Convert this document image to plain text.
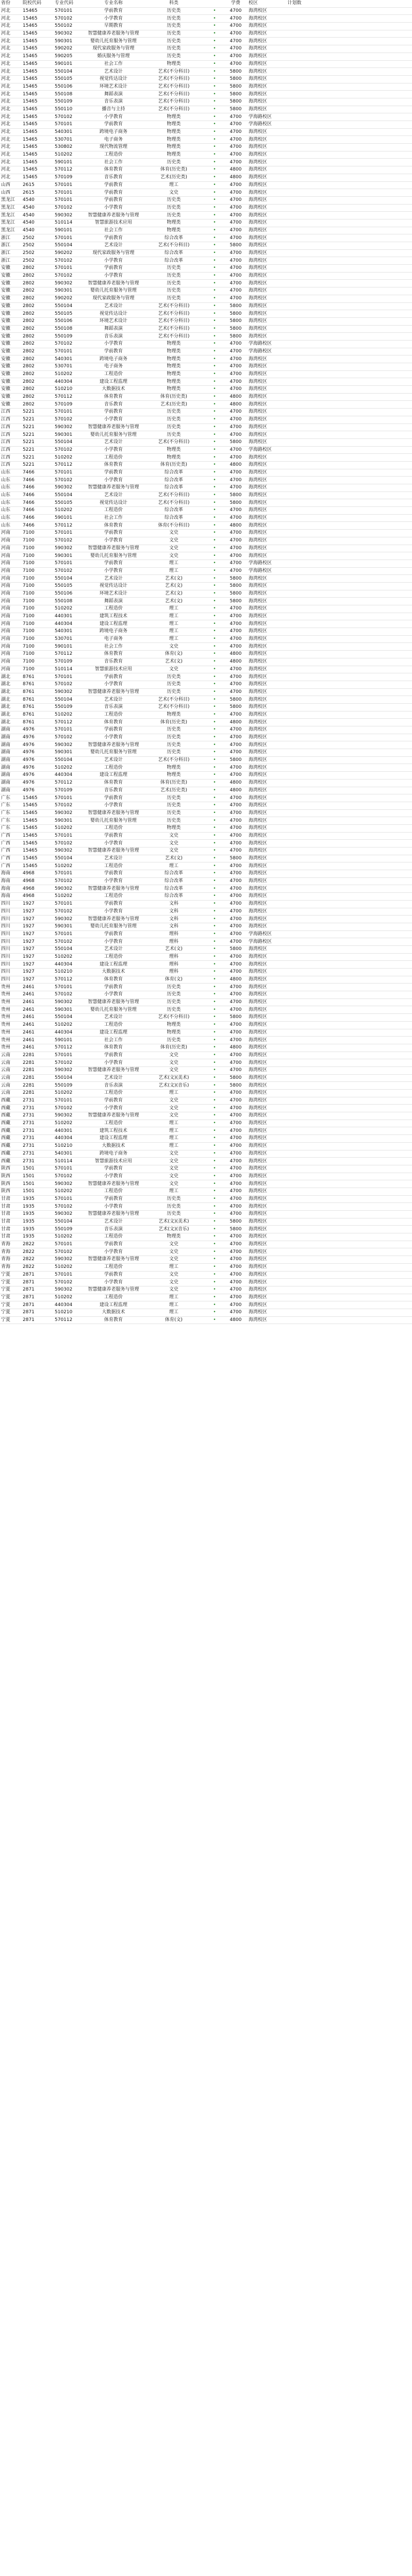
省份	院校代码	专业代码	专业名称	科类		学费	校区	计划数	
河北	15465	570101	学前教育	历史类	•	4700	海湾校区		
河北	15465	570102	小学教育	历史类	•	4700	海湾校区		
河北	15465	550102	早期教育	历史类	•	4700	海湾校区		
河北	15465	590302	智慧健康养老服务与管理	历史类	•	4700	海湾校区		
河北	15465	590301	婴幼儿托育服务与管理	历史类	•	4700	海湾校区		
河北	15465	590202	现代家政服务与管理	历史类	•	4700	海湾校区		
河北	15465	590205	婚庆服务与管理	历史类	•	4700	海湾校区		
河北	15465	590101	社会工作	物理类	•	4700	海湾校区		
河北	15465	550104	艺术设计	艺术(不分科目)	•	5800	海湾校区		
河北	15465	550105	视觉传达设计	艺术(不分科目)	•	5800	海湾校区		
河北	15465	550106	环境艺术设计	艺术(不分科目)	•	5800	海湾校区		
河北	15465	550108	舞蹈表演	艺术(不分科目)	•	5800	海湾校区		
河北	15465	550109	音乐表演	艺术(不分科目)	•	5800	海湾校区		
河北	15465	550110	播音与主持	艺术(不分科目)	•	5800	海湾校区		
河北	15465	570102	小学教育	物理类	•	4700	学海路校区		
河北	15465	570101	学前教育	物理类	•	4700	学海路校区		
河北	15465	540301	跨境电子商务	物理类	•	4700	海湾校区		
河北	15465	530701	电子商务	物理类	•	4700	海湾校区		
河北	15465	530802	现代物流管理	物理类	•	4700	海湾校区		
河北	15465	510202	工程造价	物理类	•	4700	海湾校区		
河北	15465	590101	社会工作	历史类	•	4700	海湾校区		
河北	15465	570112	体育教育	体育(历史类)	•	4800	海湾校区		
河北	15465	570109	音乐教育	艺术(历史类)	•	4800	海湾校区		
山西	2615	570101	学前教育	理工	•	4700	海湾校区		
山西	2615	570101	学前教育	文史	•	4700	海湾校区		
黑龙江	4540	570101	学前教育	历史类	•	4700	海湾校区		
黑龙江	4540	570102	小学教育	历史类	•	4700	海湾校区		
黑龙江	4540	590302	智慧健康养老服务与管理	历史类	•	4700	海湾校区		
黑龙江	4540	510114	智慧旅游技术应用	物理类	•	4700	海湾校区		
黑龙江	4540	590101	社会工作	物理类	•	4700	海湾校区		
浙江	2502	570101	学前教育	综合改革	•	4700	海湾校区		
浙江	2502	550104	艺术设计	艺术(不分科目)	•	5800	海湾校区		
浙江	2502	590202	现代家政服务与管理	综合改革	•	4700	海湾校区		
浙江	2502	570102	小学教育	综合改革	•	4700	海湾校区		
安徽	2802	570101	学前教育	历史类	•	4700	海湾校区		
安徽	2802	570102	小学教育	历史类	•	4700	海湾校区		
安徽	2802	590302	智慧健康养老服务与管理	历史类	•	4700	海湾校区		
安徽	2802	590301	婴幼儿托育服务与管理	历史类	•	4700	海湾校区		
安徽	2802	590202	现代家政服务与管理	历史类	•	4700	海湾校区		
安徽	2802	550104	艺术设计	艺术(不分科目)	•	5800	海湾校区		
安徽	2802	550105	视觉传达设计	艺术(不分科目)	•	5800	海湾校区		
安徽	2802	550106	环境艺术设计	艺术(不分科目)	•	5800	海湾校区		
安徽	2802	550108	舞蹈表演	艺术(不分科目)	•	5800	海湾校区		
安徽	2802	550109	音乐表演	艺术(不分科目)	•	5800	海湾校区		
安徽	2802	570102	小学教育	物理类	•	4700	学海路校区		
安徽	2802	570101	学前教育	物理类	•	4700	学海路校区		
安徽	2802	540301	跨境电子商务	物理类	•	4700	海湾校区		
安徽	2802	530701	电子商务	物理类	•	4700	海湾校区		
安徽	2802	510202	工程造价	物理类	•	4700	海湾校区		
安徽	2802	440304	建设工程监理	物理类	•	4700	海湾校区		
安徽	2802	510210	大数据技术	物理类	•	4700	海湾校区		
安徽	2802	570112	体育教育	体育(历史类)	•	4800	海湾校区		
安徽	2802	570109	音乐教育	艺术(历史类)	•	4800	海湾校区		
江西	5221	570101	学前教育	历史类	•	4700	海湾校区		
江西	5221	570102	小学教育	历史类	•	4700	海湾校区		
江西	5221	590302	智慧健康养老服务与管理	历史类	•	4700	海湾校区		
江西	5221	590301	婴幼儿托育服务与管理	历史类	•	4700	海湾校区		
江西	5221	550104	艺术设计	艺术(不分科目)	•	5800	海湾校区		
江西	5221	570102	小学教育	物理类	•	4700	学海路校区		
江西	5221	510202	工程造价	物理类	•	4700	海湾校区		
江西	5221	570112	体育教育	体育(历史类)	•	4800	海湾校区		
山东	7466	570101	学前教育	综合改革	•	4700	海湾校区		
山东	7466	570102	小学教育	综合改革	•	4700	海湾校区		
山东	7466	590302	智慧健康养老服务与管理	综合改革	•	4700	海湾校区		
山东	7466	550104	艺术设计	艺术(不分科目)	•	5800	海湾校区		
山东	7466	550105	视觉传达设计	艺术(不分科目)	•	5800	海湾校区		
山东	7466	510202	工程造价	综合改革	•	4700	海湾校区		
山东	7466	590101	社会工作	综合改革	•	4700	海湾校区		
山东	7466	570112	体育教育	体育(不分科目)	•	4800	海湾校区		
河南	7100	570101	学前教育	文史	•	4700	海湾校区		
河南	7100	570102	小学教育	文史	•	4700	海湾校区		
河南	7100	590302	智慧健康养老服务与管理	文史	•	4700	海湾校区		
河南	7100	590301	婴幼儿托育服务与管理	文史	•	4700	海湾校区		
河南	7100	570101	学前教育	理工	•	4700	学海路校区		
河南	7100	570102	小学教育	理工	•	4700	学海路校区		
河南	7100	550104	艺术设计	艺术(文)	•	5800	海湾校区		
河南	7100	550105	视觉传达设计	艺术(文)	•	5800	海湾校区		
河南	7100	550106	环境艺术设计	艺术(文)	•	5800	海湾校区		
河南	7100	550108	舞蹈表演	艺术(文)	•	5800	海湾校区		
河南	7100	510202	工程造价	理工	•	4700	海湾校区		
河南	7100	440301	建筑工程技术	理工	•	4700	海湾校区		
河南	7100	440304	建设工程监理	理工	•	4700	海湾校区		
河南	7100	540301	跨境电子商务	理工	•	4700	海湾校区		
河南	7100	530701	电子商务	理工	•	4700	海湾校区		
河南	7100	590101	社会工作	文史	•	4700	海湾校区		
河南	7100	570112	体育教育	体育(文)	•	4800	海湾校区		
河南	7100	570109	音乐教育	艺术(文)	•	4800	海湾校区		
河南	7100	510114	智慧旅游技术应用	文史	•	4700	海湾校区		
湖北	8761	570101	学前教育	历史类	•	4700	海湾校区		
湖北	8761	570102	小学教育	历史类	•	4700	海湾校区		
湖北	8761	590302	智慧健康养老服务与管理	历史类	•	4700	海湾校区		
湖北	8761	550104	艺术设计	艺术(不分科目)	•	5800	海湾校区		
湖北	8761	550109	音乐表演	艺术(不分科目)	•	5800	海湾校区		
湖北	8761	510202	工程造价	物理类	•	4700	海湾校区		
湖北	8761	570112	体育教育	体育(历史类)	•	4800	海湾校区		
湖南	4976	570101	学前教育	历史类	•	4700	海湾校区		
湖南	4976	570102	小学教育	历史类	•	4700	海湾校区		
湖南	4976	590302	智慧健康养老服务与管理	历史类	•	4700	海湾校区		
湖南	4976	590301	婴幼儿托育服务与管理	历史类	•	4700	海湾校区		
湖南	4976	550104	艺术设计	艺术(不分科目)	•	5800	海湾校区		
湖南	4976	510202	工程造价	物理类	•	4700	海湾校区		
湖南	4976	440304	建设工程监理	物理类	•	4700	海湾校区		
湖南	4976	570112	体育教育	体育(历史类)	•	4800	海湾校区		
湖南	4976	570109	音乐教育	艺术(历史类)	•	4800	海湾校区		
广东	15465	570101	学前教育	历史类	•	4700	海湾校区		
广东	15465	570102	小学教育	历史类	•	4700	海湾校区		
广东	15465	590302	智慧健康养老服务与管理	历史类	•	4700	海湾校区		
广东	15465	590301	婴幼儿托育服务与管理	历史类	•	4700	海湾校区		
广东	15465	510202	工程造价	物理类	•	4700	海湾校区		
广西	15465	570101	学前教育	文史	•	4700	海湾校区		
广西	15465	570102	小学教育	文史	•	4700	海湾校区		
广西	15465	590302	智慧健康养老服务与管理	文史	•	4700	海湾校区		
广西	15465	550104	艺术设计	艺术(文)	•	5800	海湾校区		
广西	15465	510202	工程造价	理工	•	4700	海湾校区		
海南	4968	570101	学前教育	综合改革	•	4700	海湾校区		
海南	4968	570102	小学教育	综合改革	•	4700	海湾校区		
海南	4968	590302	智慧健康养老服务与管理	综合改革	•	4700	海湾校区		
海南	4968	510202	工程造价	综合改革	•	4700	海湾校区		
四川	1927	570101	学前教育	文科	•	4700	海湾校区		
四川	1927	570102	小学教育	文科	•	4700	海湾校区		
四川	1927	590302	智慧健康养老服务与管理	文科	•	4700	海湾校区		
四川	1927	590301	婴幼儿托育服务与管理	文科	•	4700	海湾校区		
四川	1927	570101	学前教育	理科	•	4700	学海路校区		
四川	1927	570102	小学教育	理科	•	4700	学海路校区		
四川	1927	550104	艺术设计	艺术(文)	•	5800	海湾校区		
四川	1927	510202	工程造价	理科	•	4700	海湾校区		
四川	1927	440304	建设工程监理	理科	•	4700	海湾校区		
四川	1927	510210	大数据技术	理科	•	4700	海湾校区		
四川	1927	570112	体育教育	体育(文)	•	4800	海湾校区		
贵州	2461	570101	学前教育	历史类	•	4700	海湾校区		
贵州	2461	570102	小学教育	历史类	•	4700	海湾校区		
贵州	2461	590302	智慧健康养老服务与管理	历史类	•	4700	海湾校区		
贵州	2461	590301	婴幼儿托育服务与管理	历史类	•	4700	海湾校区		
贵州	2461	550104	艺术设计	艺术(不分科目)	•	5800	海湾校区		
贵州	2461	510202	工程造价	物理类	•	4700	海湾校区		
贵州	2461	440304	建设工程监理	物理类	•	4700	海湾校区		
贵州	2461	590101	社会工作	历史类	•	4700	海湾校区		
贵州	2461	570112	体育教育	体育(历史类)	•	4800	海湾校区		
云南	2281	570101	学前教育	文史	•	4700	海湾校区		
云南	2281	570102	小学教育	文史	•	4700	海湾校区		
云南	2281	590302	智慧健康养老服务与管理	文史	•	4700	海湾校区		
云南	2281	550104	艺术设计	艺术(文)(美术)	•	5800	海湾校区		
云南	2281	550109	音乐表演	艺术(文)(音乐)	•	5800	海湾校区		
云南	2281	510202	工程造价	理工	•	4700	海湾校区		
西藏	2731	570101	学前教育	文史	•	4700	海湾校区		
西藏	2731	570102	小学教育	文史	•	4700	海湾校区		
西藏	2731	590302	智慧健康养老服务与管理	文史	•	4700	海湾校区		
西藏	2731	510202	工程造价	理工	•	4700	海湾校区		
西藏	2731	440301	建筑工程技术	理工	•	4700	海湾校区		
西藏	2731	440304	建设工程监理	理工	•	4700	海湾校区		
西藏	2731	510210	大数据技术	理工	•	4700	海湾校区		
西藏	2731	540301	跨境电子商务	文史	•	4700	海湾校区		
西藏	2731	510114	智慧旅游技术应用	文史	•	4700	海湾校区		
陕西	1501	570101	学前教育	文史	•	4700	海湾校区		
陕西	1501	570102	小学教育	文史	•	4700	海湾校区		
陕西	1501	590302	智慧健康养老服务与管理	文史	•	4700	海湾校区		
陕西	1501	510202	工程造价	理工	•	4700	海湾校区		
甘肃	1935	570101	学前教育	历史类	•	4700	海湾校区		
甘肃	1935	570102	小学教育	历史类	•	4700	海湾校区		
甘肃	1935	590302	智慧健康养老服务与管理	历史类	•	4700	海湾校区		
甘肃	1935	550104	艺术设计	艺术(文)(美术)	•	5800	海湾校区		
甘肃	1935	550109	音乐表演	艺术(文)(音乐)	•	5800	海湾校区		
甘肃	1935	510202	工程造价	物理类	•	4700	海湾校区		
青海	2822	570101	学前教育	文史	•	4700	海湾校区		
青海	2822	570102	小学教育	文史	•	4700	海湾校区		
青海	2822	590302	智慧健康养老服务与管理	文史	•	4700	海湾校区		
青海	2822	510202	工程造价	理工	•	4700	海湾校区		
宁夏	2871	570101	学前教育	文史	•	4700	海湾校区		
宁夏	2871	570102	小学教育	文史	•	4700	海湾校区		
宁夏	2871	590302	智慧健康养老服务与管理	文史	•	4700	海湾校区		
宁夏	2871	510202	工程造价	理工	•	4700	海湾校区		
宁夏	2871	440304	建设工程监理	理工	•	4700	海湾校区		
宁夏	2871	510210	大数据技术	理工	•	4700	海湾校区		
宁夏	2871	570112	体育教育	体育(文)	•	4800	海湾校区		
